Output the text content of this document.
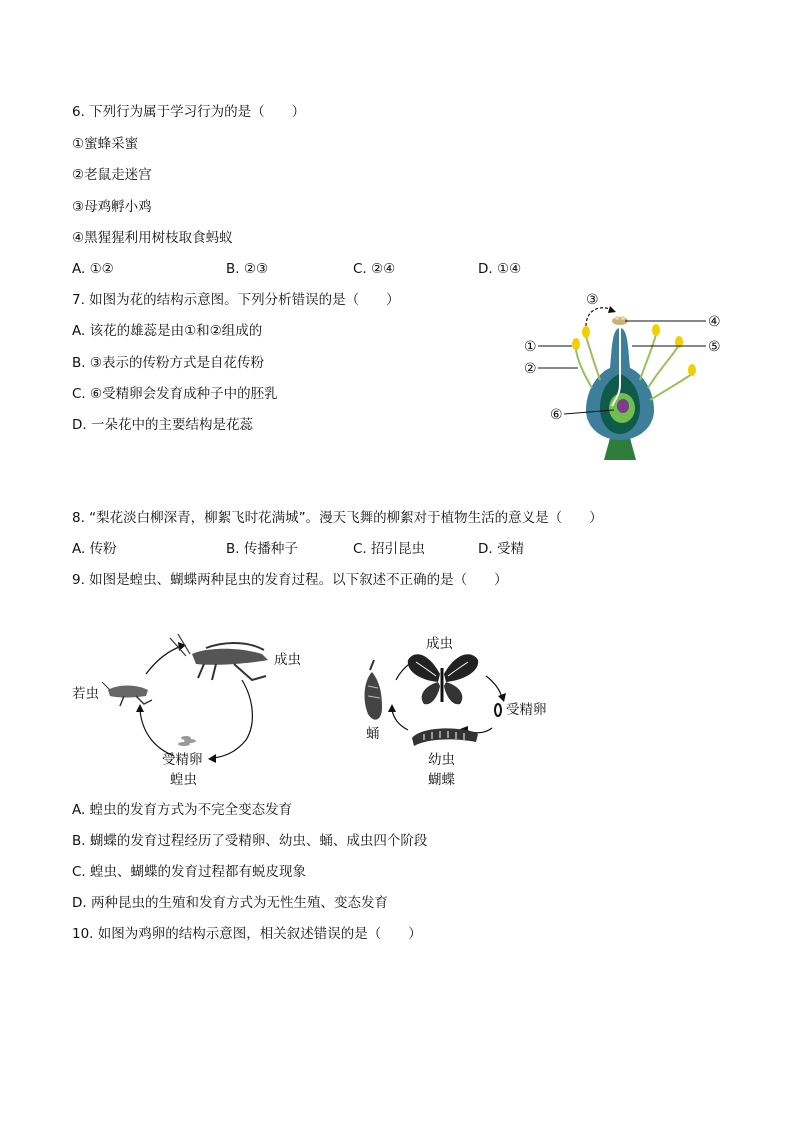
6. 下列行为属于学习行为的是（　　）
①蜜蜂采蜜
②老鼠走迷宫
③母鸡孵小鸡
④黑猩猩利用树枝取食蚂蚁
A. ①②	B. ②③	C. ②④	D. ①④
7. 如图为花的结构示意图。下列分析错误的是（　　）
A. 该花的雄蕊是由①和②组成的
B. ③表示的传粉方式是自花传粉
C. ⑥受精卵会发育成种子中的胚乳
D. 一朵花中的主要结构是花蕊
③
④
①	⑤
②
⑥
8. “梨花淡白柳深青，柳絮飞时花满城”。漫天飞舞的柳絮对于植物生活的意义是（　　）
A. 传粉	B. 传播种子	C. 招引昆虫	D. 受精
9. 如图是蝗虫、蝴蝶两种昆虫的发育过程。以下叙述不正确的是（　　）
成虫
若虫
受精卵
蝗虫
成虫
受精卵
蛹
幼虫
蝴蝶
A. 蝗虫的发育方式为不完全变态发育
B. 蝴蝶的发育过程经历了受精卵、幼虫、蛹、成虫四个阶段
C. 蝗虫、蝴蝶的发育过程都有蜕皮现象
D. 两种昆虫的生殖和发育方式为无性生殖、变态发育
10. 如图为鸡卵的结构示意图，相关叙述错误的是（　　）
